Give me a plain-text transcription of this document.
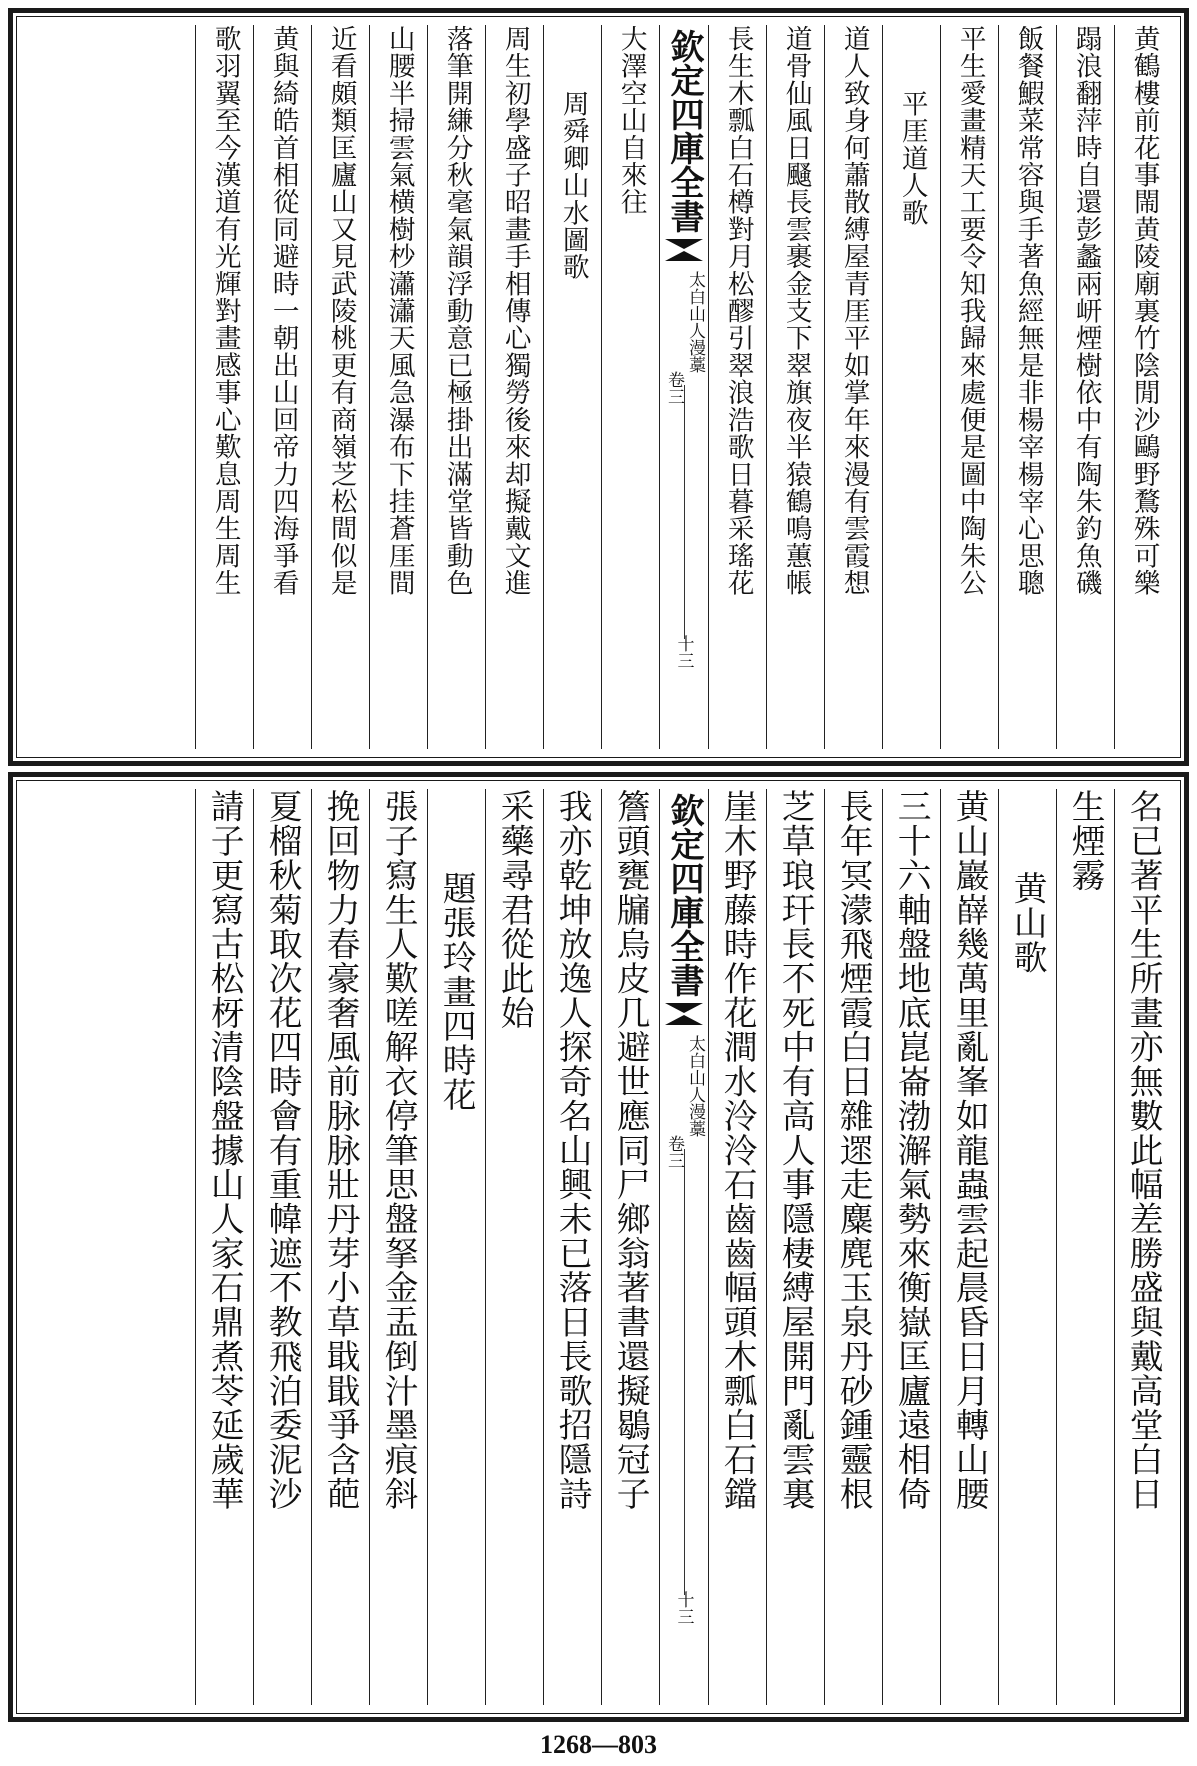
黄鶴樓前花事閙黄陵廟裏竹陰閒沙鷗野鶩殊可樂
蹋浪翻萍時自還彭蠡兩岍煙樹依中有陶朱釣魚磯
飯餐鰕菜常容與手著魚經無是非楊宰楊宰心思聰
平生愛畫精天工要令知我歸來處便是圖中陶朱公
平厓道人歌
道人致身何蕭散縛屋青厓平如掌年來漫有雲霞想
道骨仙風日颾長雲裹金支下翠旗夜半猿鶴鳴蕙帳
長生木瓢白石樽對月松醪引翠浪浩歌日暮采瑤花
欽定四庫全書
太白山人漫藁
卷三
十三
大澤空山自來往
周舜卿山水圖歌
周生初學盛子昭畫手相傳心獨勞後來却擬戴文進
落筆開縑分秋毫氣韻浮動意已極掛出滿堂皆動色
山腰半掃雲氣横樹杪瀟瀟天風急瀑布下挂蒼厓間
近看頗類匡廬山又見武陵桃更有商嶺芝松間似是
黄與綺皓首相從同避時一朝出山回帝力四海爭看
歌羽翼至今漢道有光輝對畫感事心歎息周生周生
名已著平生所畫亦無數此幅差勝盛與戴高堂白日
生煙霧
黄山歌
黄山巖嶭幾萬里亂峯如龍蟲雲起晨昏日月轉山腰
三十六軸盤地底崑崙渤澥氣勢來衡嶽匡廬遠相倚
長年冥濛飛煙霞白日雜遝走麋麂玉泉丹砂鍾靈根
芝草琅玕長不死中有高人事隱棲縛屋開門亂雲裏
崖木野藤時作花澗水泠泠石齒齒幅頭木瓢白石鐺
欽定四庫全書
太白山人漫藁
卷三
十三
簷頭甕牖烏皮几避世應同尸鄉翁著書還擬鶡冠子
我亦乾坤放逸人探奇名山興未已落日長歌招隱詩
采藥尋君從此始
題張玲畫四時花
張子寫生人歎嗟解衣停筆思盤拏金盂倒汁墨痕斜
挽回物力春豪奢風前脉脉壯丹芽小草戢戢爭含葩
夏榴秋菊取次花四時會有重幃遮不教飛泊委泥沙
請子更寫古松枒清陰盤據山人家石鼎煮苓延歲華
1268—803
